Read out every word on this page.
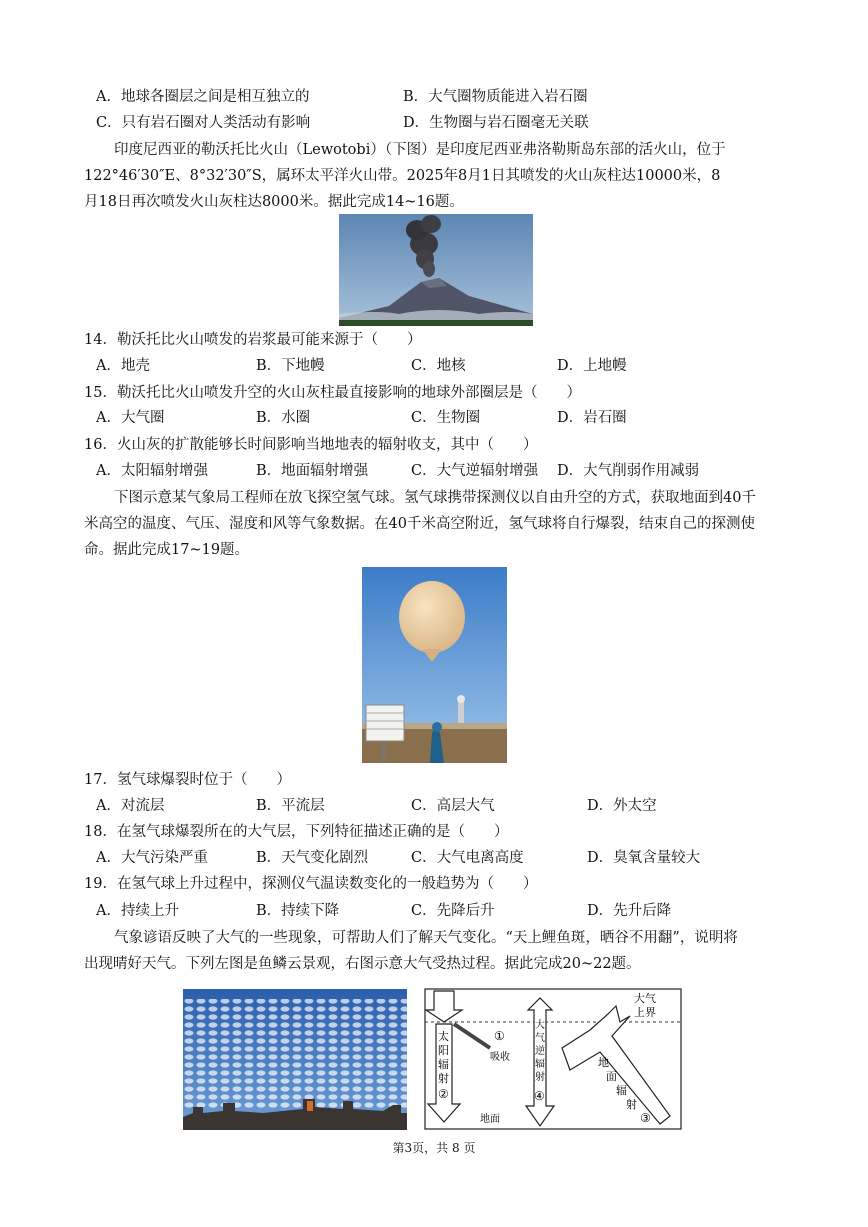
A．地球各圈层之间是相互独立的	B．大气圈物质能进入岩石圈
C．只有岩石圈对人类活动有影响	D．生物圈与岩石圈毫无关联
印度尼西亚的勒沃托比火山（Lewotobi）（下图）是印度尼西亚弗洛勒斯岛东部的活火山，位于
122°46′30″E、8°32′30″S，属环太平洋火山带。2025年8月1日其喷发的火山灰柱达10000米，8
月18日再次喷发火山灰柱达8000米。据此完成14~16题。
14．勒沃托比火山喷发的岩浆最可能来源于（　　）
A．地壳	B．下地幔	C．地核	D．上地幔
15．勒沃托比火山喷发升空的火山灰柱最直接影响的地球外部圈层是（　　）
A．大气圈	B．水圈	C．生物圈	D．岩石圈
16．火山灰的扩散能够长时间影响当地地表的辐射收支，其中（　　）
A．太阳辐射增强	B．地面辐射增强	C．大气逆辐射增强 D．大气削弱作用减弱
下图示意某气象局工程师在放飞探空氢气球。氢气球携带探测仪以自由升空的方式，获取地面到40千
米高空的温度、气压、湿度和风等气象数据。在40千米高空附近，氢气球将自行爆裂，结束自己的探测使
命。据此完成17~19题。
17．氢气球爆裂时位于（　　）
A．对流层	B．平流层	C．高层大气	D．外太空
18．在氢气球爆裂所在的大气层，下列特征描述正确的是（　　）
A．大气污染严重	B．天气变化剧烈	C．大气电离高度	D．臭氧含量较大
19．在氢气球上升过程中，探测仪气温读数变化的一般趋势为（　　）
A．持续上升	B．持续下降	C．先降后升	D．先升后降
气象谚语反映了大气的一些现象，可帮助人们了解天气变化。“天上鲤鱼斑，晒谷不用翻”，说明将
出现晴好天气。下列左图是鱼鳞云景观，右图示意大气受热过程。据此完成20~22题。
大气
上界
太
阳
辐
射
②
①
吸收
大
气
逆
辐
射
④
地
面
辐
射
③
地面
第3页，共 8 页
